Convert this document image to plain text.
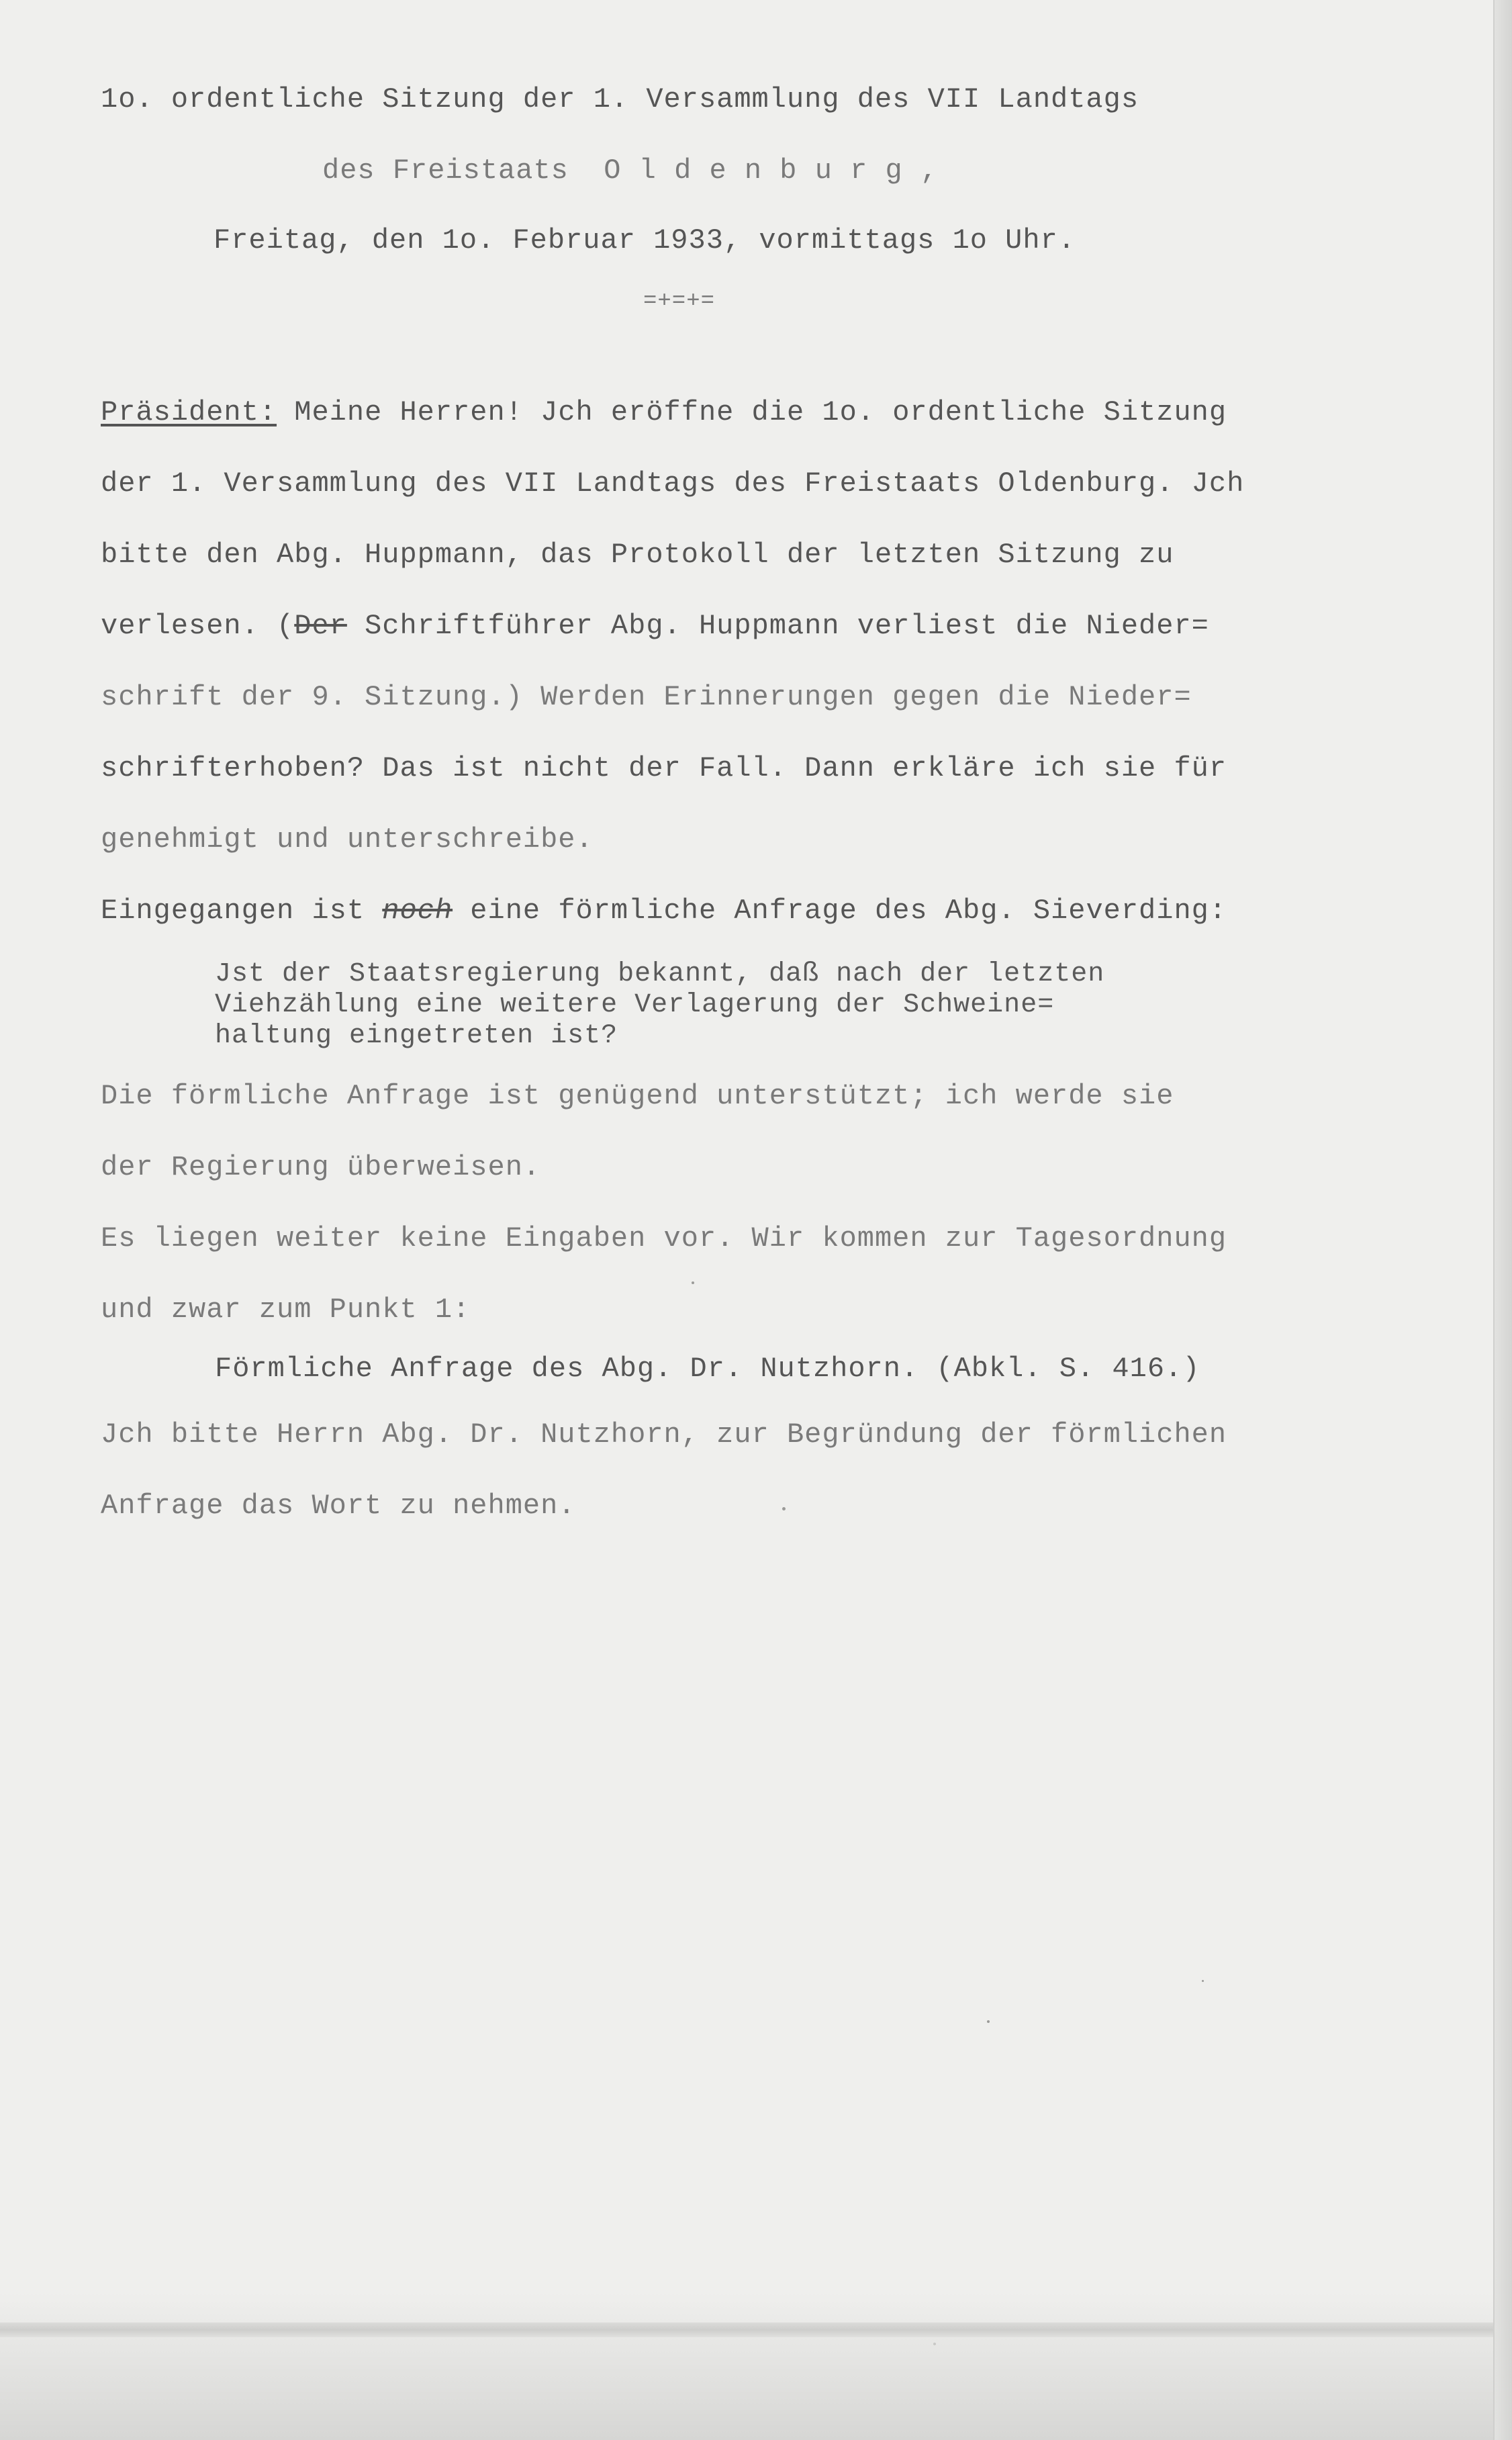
1o. ordentliche Sitzung der 1. Versammlung des VII Landtags
des Freistaats  O l d e n b u r g ,
Freitag, den 1o. Februar 1933, vormittags 1o Uhr.
=+=+=
Präsident: Meine Herren! Jch eröffne die 1o. ordentliche Sitzung
der 1. Versammlung des VII Landtags des Freistaats Oldenburg. Jch
bitte den Abg. Huppmann, das Protokoll der letzten Sitzung zu
verlesen. (Der Schriftführer Abg. Huppmann verliest die Nieder=
schrift der 9. Sitzung.) Werden Erinnerungen gegen die Nieder=
schrifterhoben? Das ist nicht der Fall. Dann erkläre ich sie für
genehmigt und unterschreibe.
Eingegangen ist noch eine förmliche Anfrage des Abg. Sieverding:
Jst der Staatsregierung bekannt, daß nach der letzten
Viehzählung eine weitere Verlagerung der Schweine=
haltung eingetreten ist?
Die förmliche Anfrage ist genügend unterstützt; ich werde sie
der Regierung überweisen.
Es liegen weiter keine Eingaben vor. Wir kommen zur Tagesordnung
und zwar zum Punkt 1:
Förmliche Anfrage des Abg. Dr. Nutzhorn. (Abkl. S. 416.)
Jch bitte Herrn Abg. Dr. Nutzhorn, zur Begründung der förmlichen
Anfrage das Wort zu nehmen.
